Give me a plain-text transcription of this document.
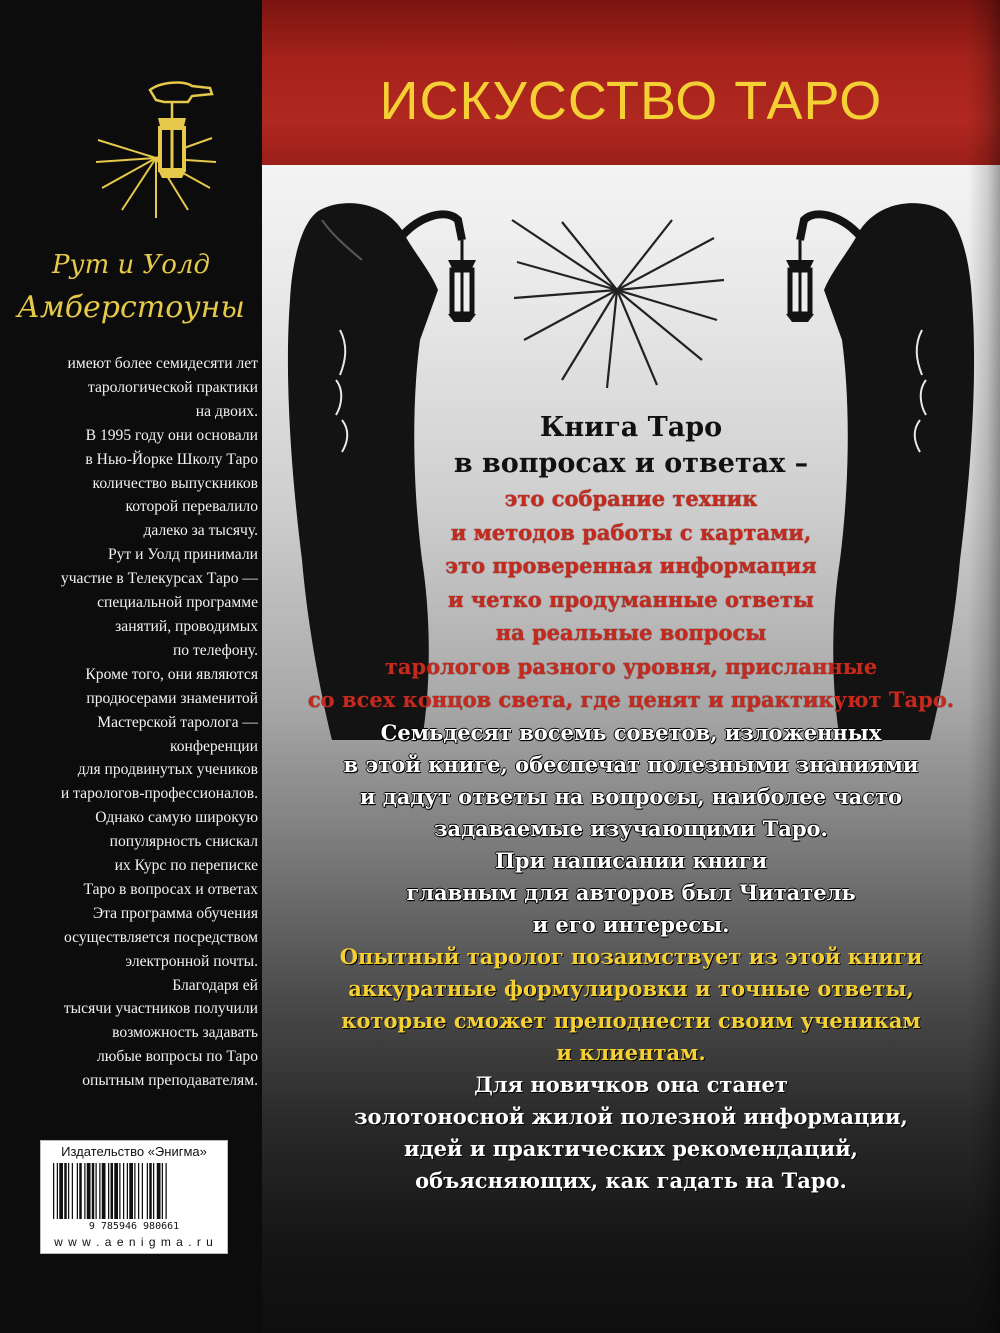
Рут и Уолд

Амберстоуны

имеют более семидесяти лет
тарологической практики
на двоих.
В 1995 году они основали
в Нью-Йорке Школу Таро
количество выпускников
которой перевалило
далеко за тысячу.
Рут и Уолд принимали
участие в Телекурсах Таро —
специальной программе
занятий, проводимых
по телефону.
Кроме того, они являются
продюсерами знаменитой
Мастерской таролога —
конференции
для продвинутых учеников
и тарологов-профессионалов.
Однако самую широкую
популярность снискал
их Курс по переписке
Таро в вопросах и ответах
Эта программа обучения
осуществляется посредством
электронной почты.
Благодаря ей
тысячи участников получили
возможность задавать
любые вопросы по Таро
опытным преподавателям.

Издательство «Энигма»
9 785946 980661
w w w . a e n i g m a . r u
ИСКУССТВО ТАРО
Книга Таро
в вопросах и ответах –
это собрание техник
и методов работы с картами,
это проверенная информация
и четко продуманные ответы
на реальные вопросы
тарологов разного уровня, присланные
со всех концов света, где ценят и практикуют Таро.
Семьдесят восемь советов, изложенных
в этой книге, обеспечат полезными знаниями
и дадут ответы на вопросы, наиболее часто
задаваемые изучающими Таро.
При написании книги
главным для авторов был Читатель
и его интересы.
Опытный таролог позаимствует из этой книги
аккуратные формулировки и точные ответы,
которые сможет преподнести своим ученикам
и клиентам.
Для новичков она станет
золотоносной жилой полезной информации,
идей и практических рекомендаций,
объясняющих, как гадать на Таро.
